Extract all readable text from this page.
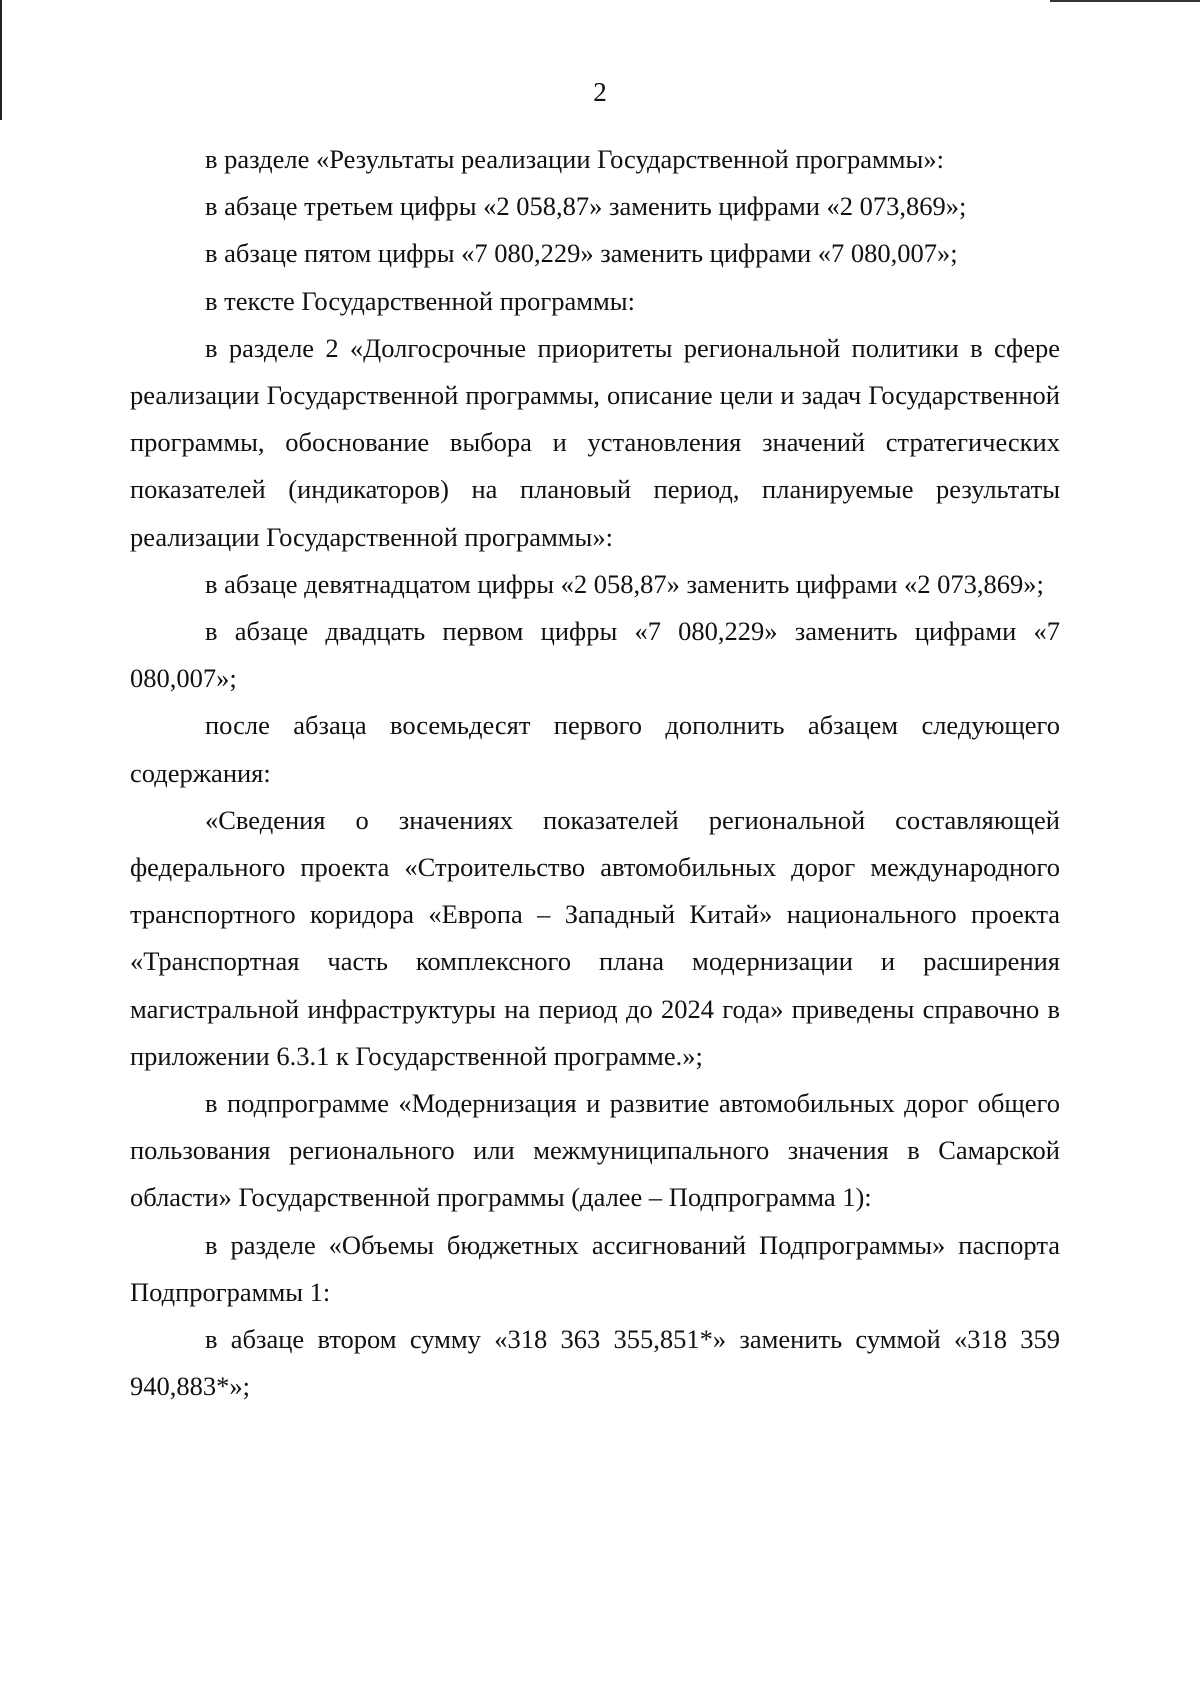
2

в разделе «Результаты реализации Государственной программы»:

в абзаце третьем цифры «2 058,87» заменить цифрами «2 073,869»;

в абзаце пятом цифры «7 080,229» заменить цифрами «7 080,007»;

в тексте Государственной программы:

в разделе 2 «Долгосрочные приоритеты региональной политики в сфере реализации Государственной программы, описание цели и задач Государственной программы, обоснование выбора и установления значений стратегических показателей (индикаторов) на плановый период, планируемые результаты реализации Государственной программы»:

в абзаце девятнадцатом цифры «2 058,87» заменить цифрами «2 073,869»;

в абзаце двадцать первом цифры «7 080,229» заменить цифрами «7 080,007»;

после абзаца восемьдесят первого дополнить абзацем следующего содержания:

«Сведения о значениях показателей региональной составляющей федерального проекта «Строительство автомобильных дорог международного транспортного коридора «Европа – Западный Китай» национального проекта «Транспортная часть комплексного плана модернизации и расширения магистральной инфраструктуры на период до 2024 года» приведены справочно в приложении 6.3.1 к Государственной программе.»;

в подпрограмме «Модернизация и развитие автомобильных дорог общего пользования регионального или межмуниципального значения в Самарской области» Государственной программы (далее – Подпрограмма 1):

в разделе «Объемы бюджетных ассигнований Подпрограммы» паспорта Подпрограммы 1:

в абзаце втором сумму «318 363 355,851*» заменить суммой «318 359 940,883*»;
